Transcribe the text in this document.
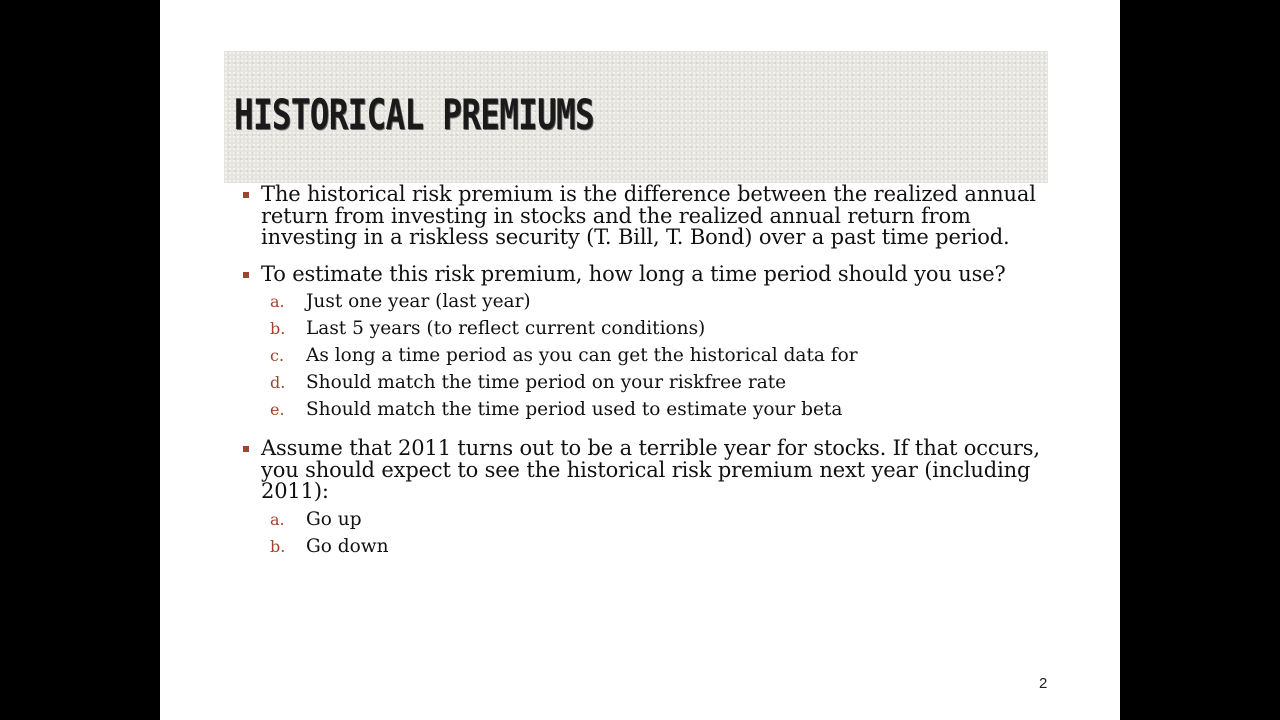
HISTORICAL PREMIUMS
The historical risk premium is the difference between the realized annual return from investing in stocks and the realized annual return from investing in a riskless security (T. Bill, T. Bond) over a past time period.
To estimate this risk premium, how long a time period should you use?
a. Just one year (last year)
b. Last 5 years (to reflect current conditions)
c. As long a time period as you can get the historical data for
d. Should match the time period on your riskfree rate
e. Should match the time period used to estimate your beta
Assume that 2011 turns out to be a terrible year for stocks. If that occurs, you should expect to see the historical risk premium next year (including 2011):
a. Go up
b. Go down
2
